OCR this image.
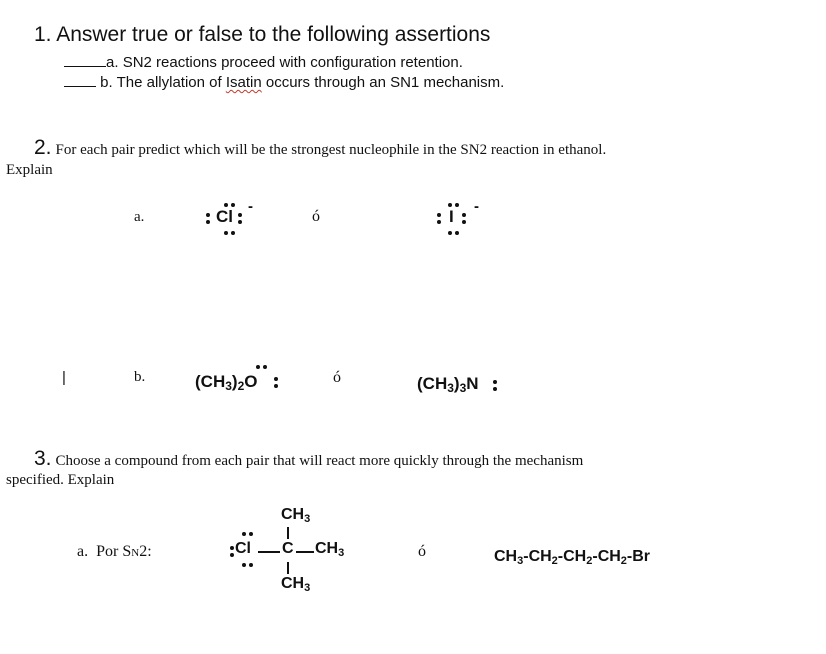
1. Answer true or false to the following assertions
a. SN2 reactions proceed with configuration retention.
b. The allylation of Isatin occurs through an SN1 mechanism.
2. For each pair predict which will be the strongest nucleophile in the SN2 reaction in ethanol.
Explain
a.	Cl
-
ó	I
-
|	b.	(CH3)2O	ó	(CH3)3N
3. Choose a compound from each pair that will react more quickly through the mechanism
specified. Explain
a. Por SN2:
CH3
Cl C CH3
CH3
ó	CH3-CH2-CH2-CH2-Br
